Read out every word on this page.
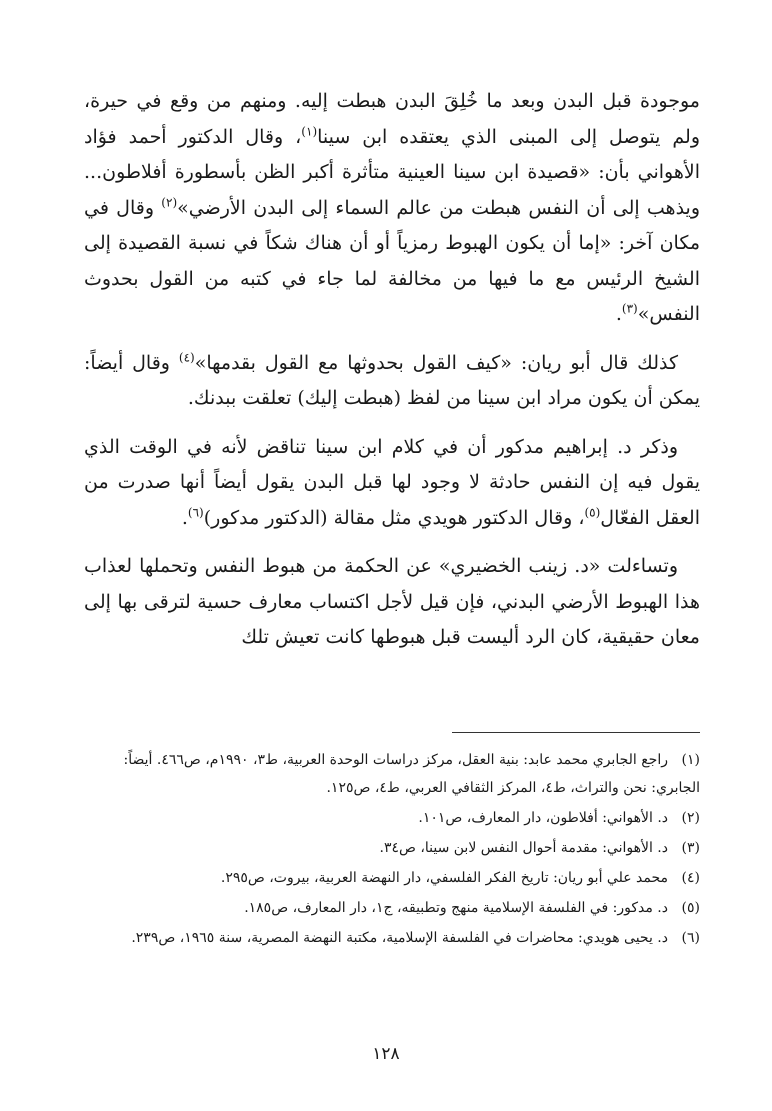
موجودة قبل البدن وبعد ما خُلِقَ البدن هبطت إليه. ومنهم من وقع في حيرة، ولم يتوصل إلى المبنى الذي يعتقده ابن سينا$^{(١)}$، وقال الدكتور أحمد فؤاد الأهواني بأن: «قصيدة ابن سينا العينية متأثرة أكبر الظن بأسطورة أفلاطون... ويذهب إلى أن النفس هبطت من عالم السماء إلى البدن الأرضي»$^{(٢)}$ وقال في مكان آخر: «إما أن يكون الهبوط رمزياً أو أن هناك شكاً في نسبة القصيدة إلى الشيخ الرئيس مع ما فيها من مخالفة لما جاء في كتبه من القول بحدوث النفس»$^{(٣)}$.

كذلك قال أبو ريان: «كيف القول بحدوثها مع القول بقدمها»$^{(٤)}$ وقال أيضاً: يمكن أن يكون مراد ابن سينا من لفظ (هبطت إليك) تعلقت ببدنك.

وذكر د. إبراهيم مدكور أن في كلام ابن سينا تناقض لأنه في الوقت الذي يقول فيه إن النفس حادثة لا وجود لها قبل البدن يقول أيضاً أنها صدرت من العقل الفعّال$^{(٥)}$، وقال الدكتور هويدي مثل مقالة (الدكتور مدكور)$^{(٦)}$.

وتساءلت «د. زينب الخضيري» عن الحكمة من هبوط النفس وتحملها لعذاب هذا الهبوط الأرضي البدني، فإن قيل لأجل اكتساب معارف حسية لترقى بها إلى معان حقيقية، كان الرد أليست قبل هبوطها كانت تعيش تلك

(١)راجع الجابري محمد عابد: بنية العقل، مركز دراسات الوحدة العربية، ط٣، ١٩٩٠م، ص٤٦٦. أيضاً: الجابري: نحن والتراث، ط٤، المركز الثقافي العربي، ط٤، ص١٢٥.
(٢)د. الأهواني: أفلاطون، دار المعارف، ص١٠١.
(٣)د. الأهواني: مقدمة أحوال النفس لابن سينا، ص٣٤.
(٤)محمد علي أبو ريان: تاريخ الفكر الفلسفي، دار النهضة العربية، بيروت، ص٢٩٥.
(٥)د. مدكور: في الفلسفة الإسلامية منهج وتطبيقه، ج١، دار المعارف، ص١٨٥.
(٦)د. يحيى هويدي: محاضرات في الفلسفة الإسلامية، مكتبة النهضة المصرية، سنة ١٩٦٥، ص٢٣٩.
١٢٨
